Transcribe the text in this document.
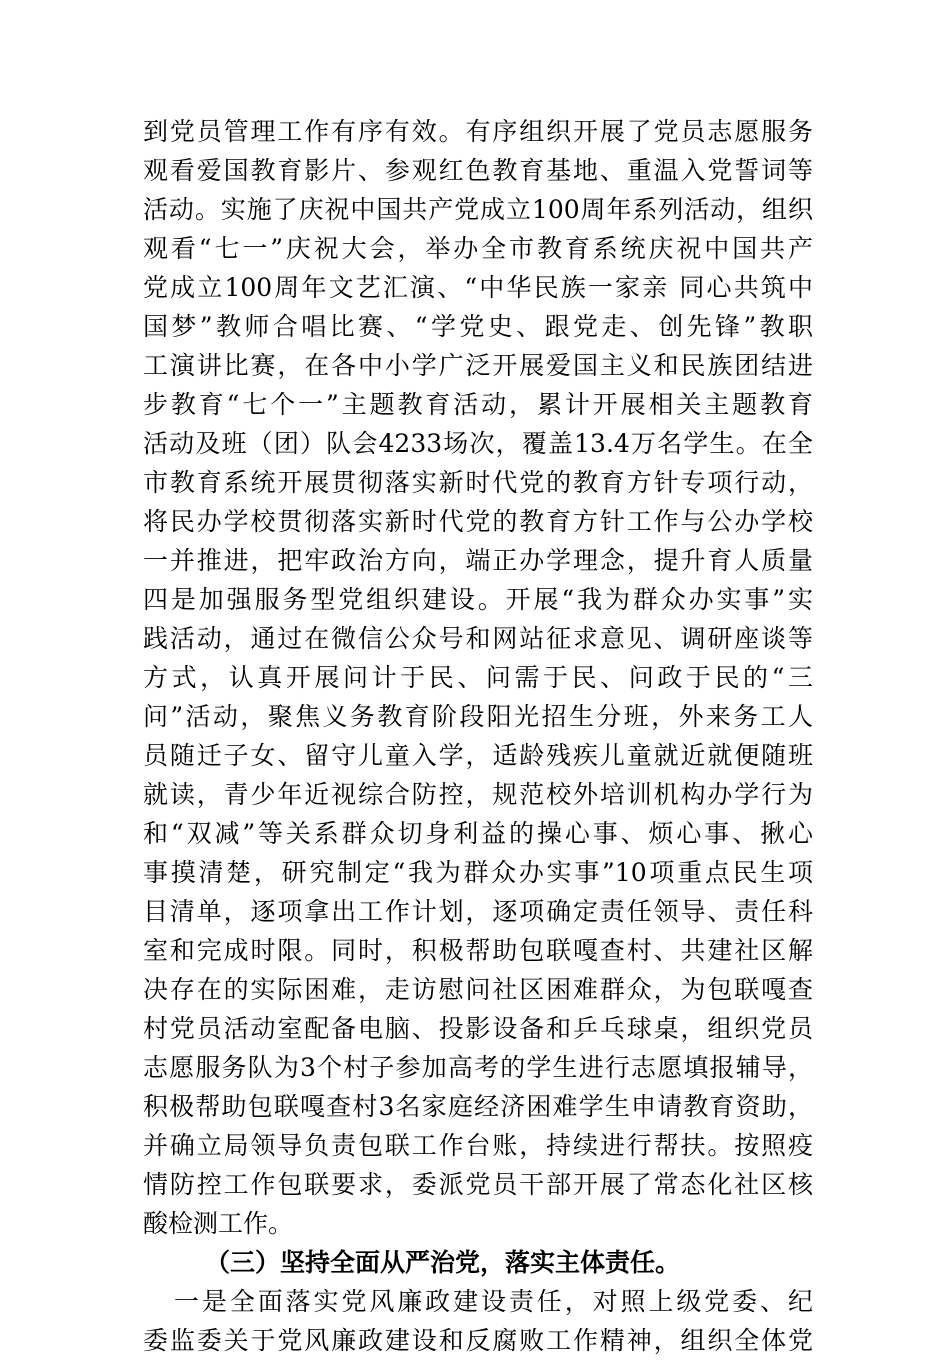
到党员管理工作有序有效。有序组织开展了党员志愿服务
观看爱国教育影片、参观红色教育基地、重温入党誓词等
活动。实施了庆祝中国共产党成立100周年系列活动，组织
观看“七一”庆祝大会，举办全市教育系统庆祝中国共产
党成立100周年文艺汇演、“中华民族一家亲 同心共筑中
国梦”教师合唱比赛、“学党史、跟党走、创先锋”教职
工演讲比赛，在各中小学广泛开展爱国主义和民族团结进
步教育“七个一”主题教育活动，累计开展相关主题教育
活动及班（团）队会4233场次，覆盖13.4万名学生。在全
市教育系统开展贯彻落实新时代党的教育方针专项行动，
将民办学校贯彻落实新时代党的教育方针工作与公办学校
一并推进，把牢政治方向，端正办学理念，提升育人质量
四是加强服务型党组织建设。开展“我为群众办实事”实
践活动，通过在微信公众号和网站征求意见、调研座谈等
方式，认真开展问计于民、问需于民、问政于民的“三
问”活动，聚焦义务教育阶段阳光招生分班，外来务工人
员随迁子女、留守儿童入学，适龄残疾儿童就近就便随班
就读，青少年近视综合防控，规范校外培训机构办学行为
和“双减”等关系群众切身利益的操心事、烦心事、揪心
事摸清楚，研究制定“我为群众办实事”10项重点民生项
目清单，逐项拿出工作计划，逐项确定责任领导、责任科
室和完成时限。同时，积极帮助包联嘎查村、共建社区解
决存在的实际困难，走访慰问社区困难群众，为包联嘎查
村党员活动室配备电脑、投影设备和乒乓球桌，组织党员
志愿服务队为3个村子参加高考的学生进行志愿填报辅导，
积极帮助包联嘎查村3名家庭经济困难学生申请教育资助，
并确立局领导负责包联工作台账，持续进行帮扶。按照疫
情防控工作包联要求，委派党员干部开展了常态化社区核
酸检测工作。
（三）坚持全面从严治党，落实主体责任。
一是全面落实党风廉政建设责任，对照上级党委、纪
委监委关于党风廉政建设和反腐败工作精神，组织全体党
